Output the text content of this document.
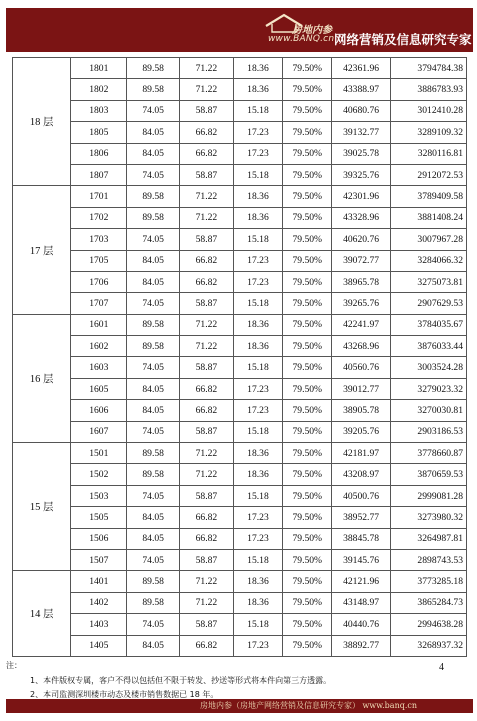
房地内参
www.BANQ.cn 网络营销及信息研究专家
18 层	1801	89.58	71.22	18.36	79.50%	42361.96	3794784.38
	1802	89.58	71.22	18.36	79.50%	43388.97	3886783.93
	1803	74.05	58.87	15.18	79.50%	40680.76	3012410.28
	1805	84.05	66.82	17.23	79.50%	39132.77	3289109.32
	1806	84.05	66.82	17.23	79.50%	39025.78	3280116.81
	1807	74.05	58.87	15.18	79.50%	39325.76	2912072.53
17 层	1701	89.58	71.22	18.36	79.50%	42301.96	3789409.58
	1702	89.58	71.22	18.36	79.50%	43328.96	3881408.24
	1703	74.05	58.87	15.18	79.50%	40620.76	3007967.28
	1705	84.05	66.82	17.23	79.50%	39072.77	3284066.32
	1706	84.05	66.82	17.23	79.50%	38965.78	3275073.81
	1707	74.05	58.87	15.18	79.50%	39265.76	2907629.53
16 层	1601	89.58	71.22	18.36	79.50%	42241.97	3784035.67
	1602	89.58	71.22	18.36	79.50%	43268.96	3876033.44
	1603	74.05	58.87	15.18	79.50%	40560.76	3003524.28
	1605	84.05	66.82	17.23	79.50%	39012.77	3279023.32
	1606	84.05	66.82	17.23	79.50%	38905.78	3270030.81
	1607	74.05	58.87	15.18	79.50%	39205.76	2903186.53
15 层	1501	89.58	71.22	18.36	79.50%	42181.97	3778660.87
	1502	89.58	71.22	18.36	79.50%	43208.97	3870659.53
	1503	74.05	58.87	15.18	79.50%	40500.76	2999081.28
	1505	84.05	66.82	17.23	79.50%	38952.77	3273980.32
	1506	84.05	66.82	17.23	79.50%	38845.78	3264987.81
	1507	74.05	58.87	15.18	79.50%	39145.76	2898743.53
14 层	1401	89.58	71.22	18.36	79.50%	42121.96	3773285.18
	1402	89.58	71.22	18.36	79.50%	43148.97	3865284.73
	1403	74.05	58.87	15.18	79.50%	40440.76	2994638.28
	1405	84.05	66.82	17.23	79.50%	38892.77	3268937.32
4
注：
1、本件版权专属，客户不得以包括但不限于转发、抄送等形式将本件向第三方透露。
2、本司监测深圳楼市动态及楼市销售数据已 18 年。
房地内参（房地产网络营销及信息研究专家） www.banq.cn
